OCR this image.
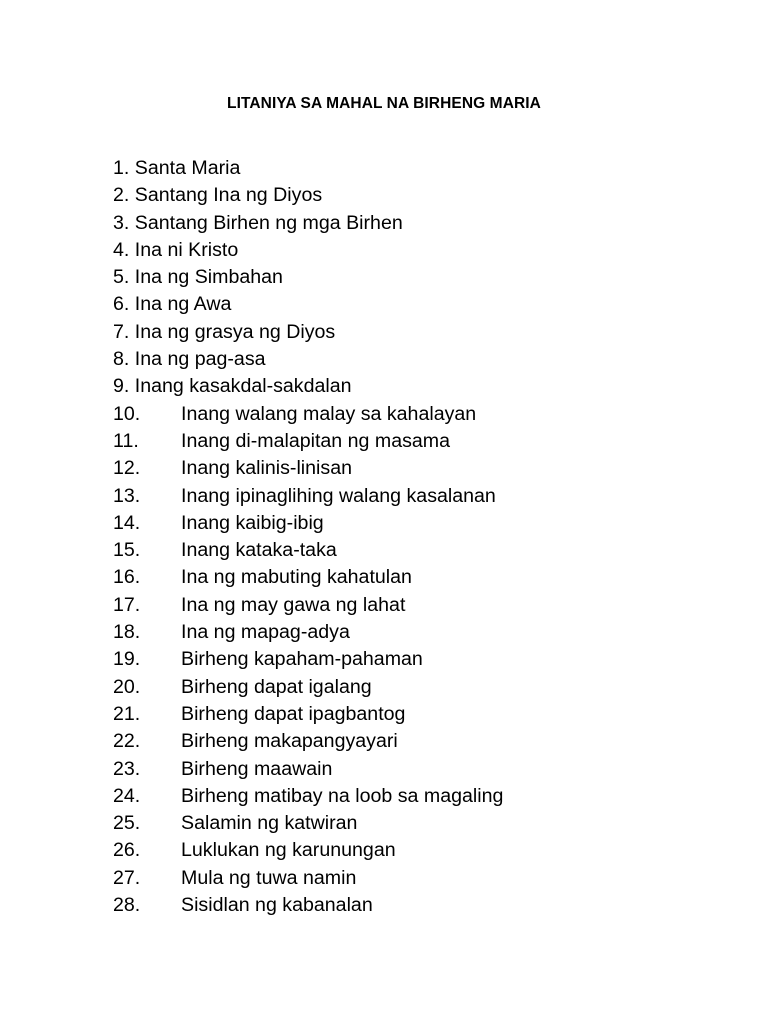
LITANIYA SA MAHAL NA BIRHENG MARIA
1. Santa Maria
2. Santang Ina ng Diyos
3. Santang Birhen ng mga Birhen
4. Ina ni Kristo
5. Ina ng Simbahan
6. Ina ng Awa
7. Ina ng grasya ng Diyos
8. Ina ng pag-asa
9. Inang kasakdal-sakdalan
10.	Inang walang malay sa kahalayan
11.	Inang di-malapitan ng masama
12.	Inang kalinis-linisan
13.	Inang ipinaglihing walang kasalanan
14.	Inang kaibig-ibig
15.	Inang kataka-taka
16.	Ina ng mabuting kahatulan
17.	Ina ng may gawa ng lahat
18.	Ina ng mapag-adya
19.	Birheng kapaham-pahaman
20.	Birheng dapat igalang
21.	Birheng dapat ipagbantog
22.	Birheng makapangyayari
23.	Birheng maawain
24.	Birheng matibay na loob sa magaling
25.	Salamin ng katwiran
26.	Luklukan ng karunungan
27.	Mula ng tuwa namin
28.	Sisidlan ng kabanalan
